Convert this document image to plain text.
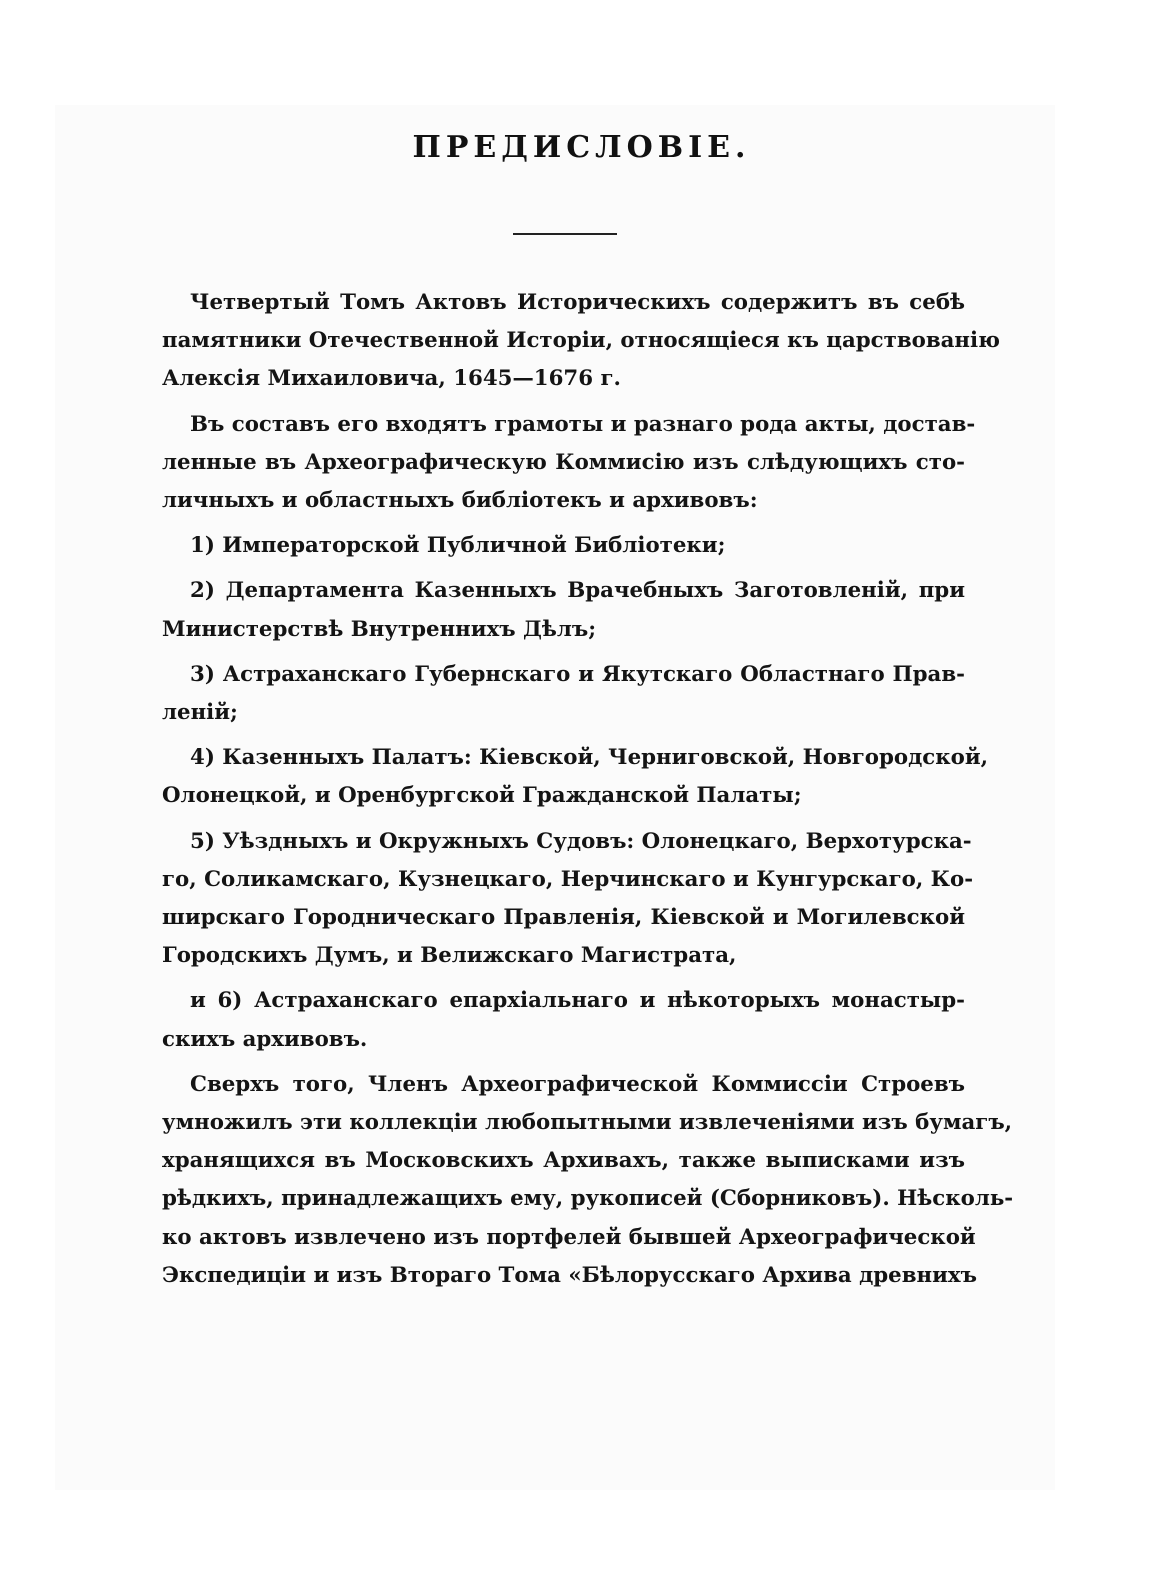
ПРЕДИСЛОВІЕ.
Четвертый Томъ Актовъ Историческихъ содержитъ въ себѣ
памятники Отечественной Исторіи, относящіеся къ царствованію
Алексія Михаиловича, 1645—1676 г.
Въ составъ его входятъ грамоты и разнаго рода акты, достав-
ленные въ Археографическую Коммисію изъ слѣдующихъ сто-
личныхъ и областныхъ библіотекъ и архивовъ:
1) Императорской Публичной Библіотеки;
2) Департамента Казенныхъ Врачебныхъ Заготовленій, при
Министерствѣ Внутреннихъ Дѣлъ;
3) Астраханскаго Губернскаго и Якутскаго Областнаго Прав-
леній;
4) Казенныхъ Палатъ: Кіевской, Черниговской, Новгородской,
Олонецкой, и Оренбургской Гражданской Палаты;
5) Уѣздныхъ и Окружныхъ Судовъ: Олонецкаго, Верхотурска-
го, Соликамскаго, Кузнецкаго, Нерчинскаго и Кунгурскаго, Ко-
ширскаго Городническаго Правленія, Кіевской и Могилевской
Городскихъ Думъ, и Велижскаго Магистрата,
и 6) Астраханскаго епархіальнаго и нѣкоторыхъ монастыр-
скихъ архивовъ.
Сверхъ того, Членъ Археографической Коммиссіи Строевъ
умножилъ эти коллекціи любопытными извлеченіями изъ бумагъ,
хранящихся въ Московскихъ Архивахъ, также выписками изъ
рѣдкихъ, принадлежащихъ ему, рукописей (Сборниковъ). Нѣсколь-
ко актовъ извлечено изъ портфелей бывшей Археографической
Экспедиціи и изъ Втораго Тома «Бѣлорусскаго Архива древнихъ
